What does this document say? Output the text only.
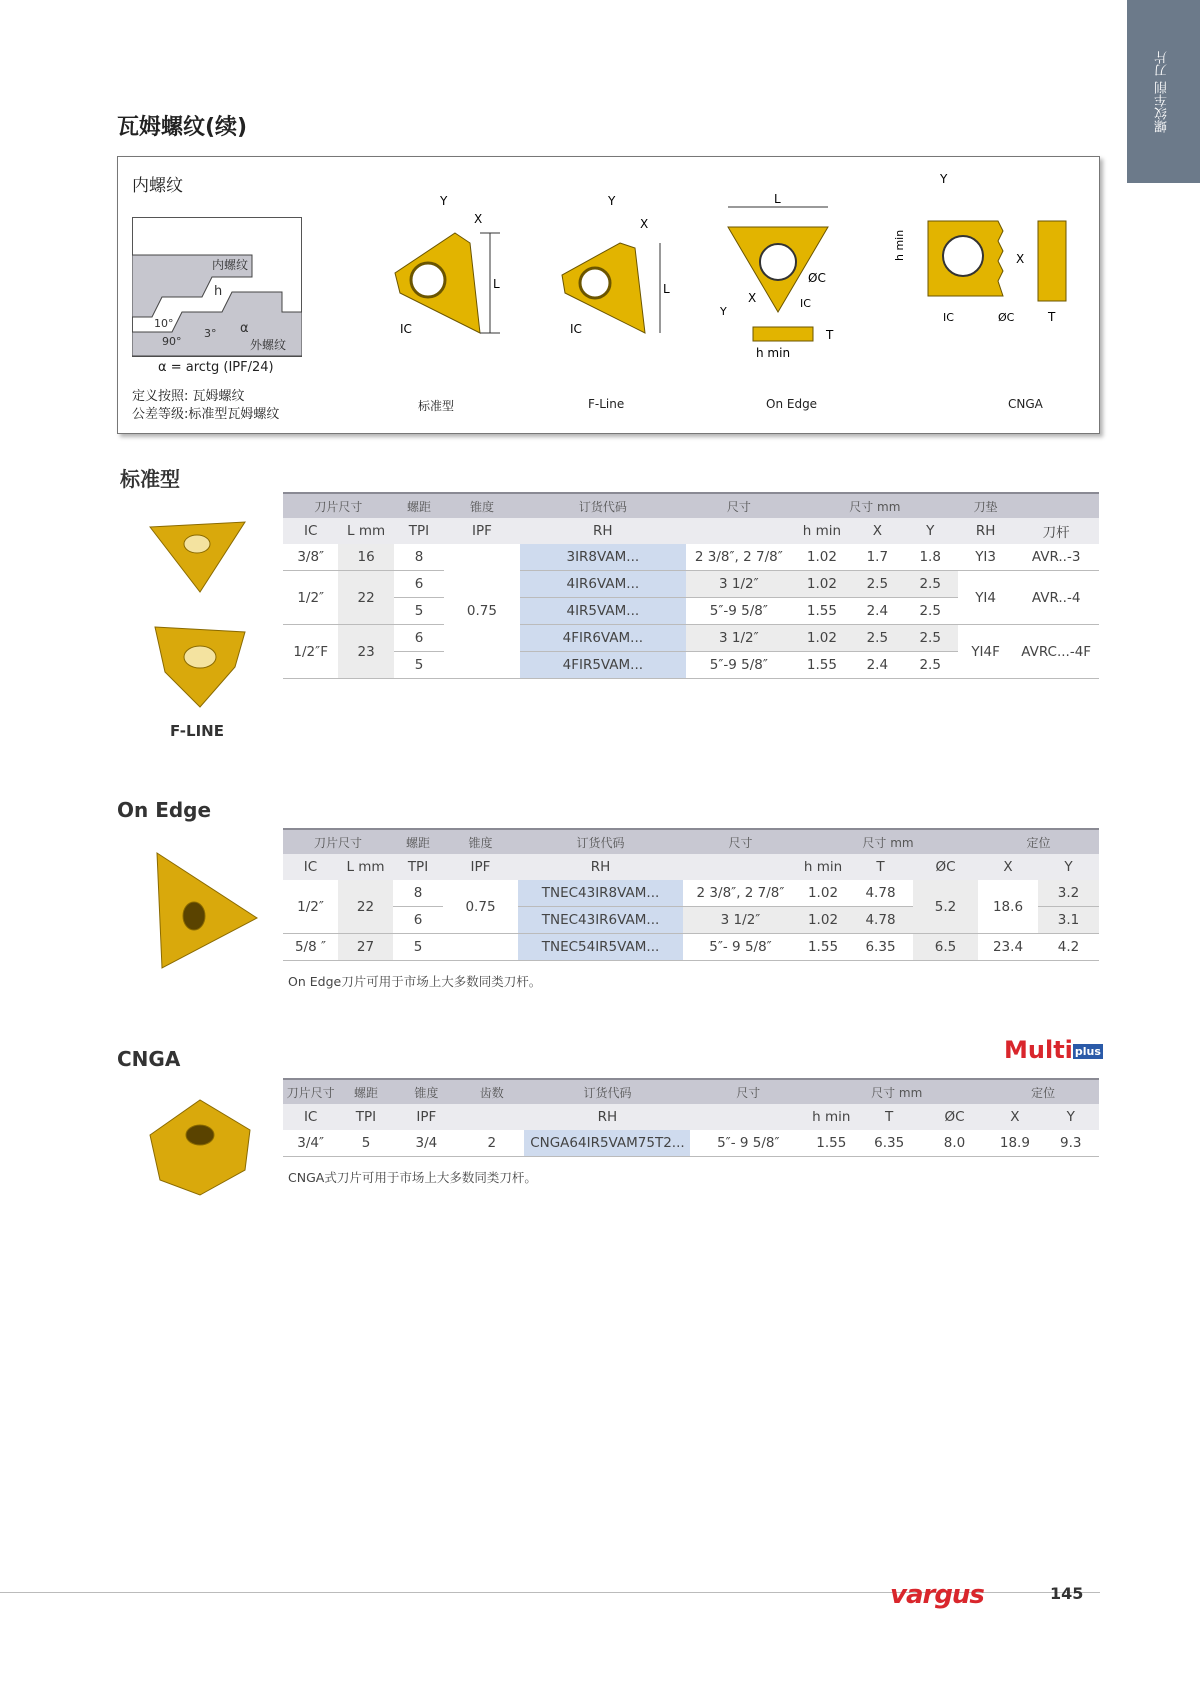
螺纹车削 刀片
瓦姆螺纹(续)
内螺纹
内螺纹
外螺纹
h
10°
90°
3° α
α = arctg (IPF/24)
定义按照: 瓦姆螺纹
公差等级:标准型瓦姆螺纹
L
Y
X
IC
L
Y
X
IC
L
ØC
IC
X
Y
T
h min
Y
X
h min
IC	ØC	T
标准型	F-Line	On Edge	CNGA
标准型
F-LINE
刀片尺寸		螺距	锥度	订货代码	尺寸	尺寸 mm			刀垫	
IC	L mm	TPI	IPF	RH		h min	X	Y	RH	刀杆
3/8″	16	8	0.75	3IR8VAM...	2 3/8″, 2 7/8″	1.02	1.7	1.8	YI3	AVR..-3
1/2″	22	6		4IR6VAM...	3 1/2″	1.02	2.5	2.5	YI4	AVR..-4
		5		4IR5VAM...	5″-9 5/8″	1.55	2.4	2.5		
1/2″F	23	6		4FIR6VAM...	3 1/2″	1.02	2.5	2.5	YI4F	AVRC...-4F
		5		4FIR5VAM...	5″-9 5/8″	1.55	2.4	2.5		
On Edge
刀片尺寸		螺距	锥度	订货代码	尺寸	尺寸 mm			定位	
IC	L mm	TPI	IPF	RH		h min	T	ØC	X	Y
1/2″	22	8	0.75	TNEC43IR8VAM...	2 3/8″, 2 7/8″	1.02	4.78	5.2	18.6	3.2
		6		TNEC43IR6VAM...	3 1/2″	1.02	4.78			3.1
5/8 ″	27	5		TNEC54IR5VAM...	5″- 9 5/8″	1.55	6.35	6.5	23.4	4.2
On Edge刀片可用于市场上大多数同类刀杆。
CNGA	Multi plus
刀片尺寸	螺距	锥度	齿数	订货代码	尺寸	尺寸 mm			定位	
IC	TPI	IPF		RH		h min	T	ØC	X	Y
3/4″	5	3/4	2	CNGA64IR5VAM75T2...	5″- 9 5/8″	1.55	6.35	8.0	18.9	9.3
CNGA式刀片可用于市场上大多数同类刀杆。
vargus	145
